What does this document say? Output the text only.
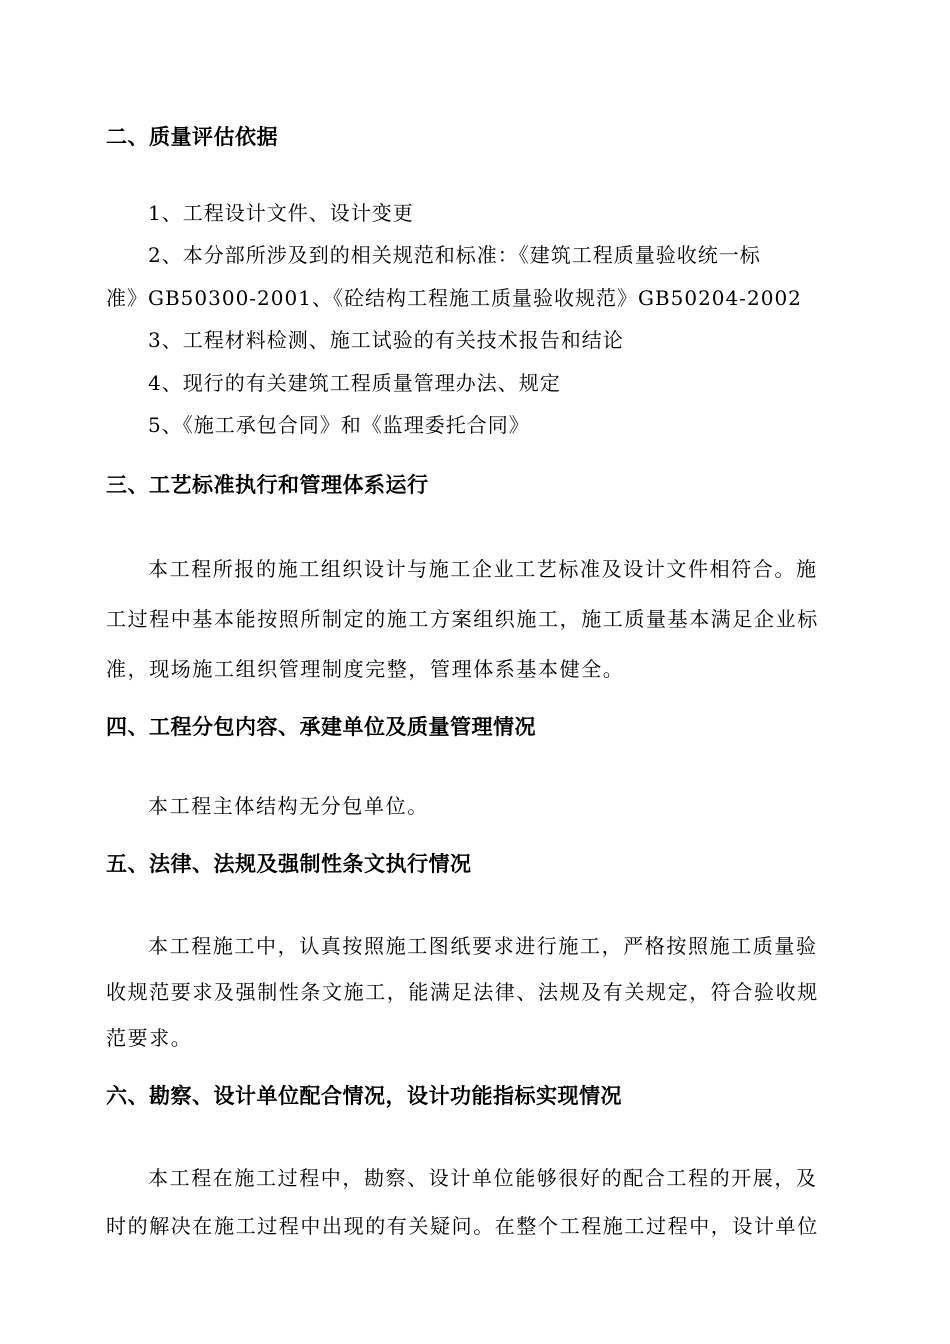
二、质量评估依据
1、工程设计文件、设计变更
2、本分部所涉及到的相关规范和标准：《建筑工程质量验收统一标
准》GB50300-2001、《砼结构工程施工质量验收规范》GB50204-2002
3、工程材料检测、施工试验的有关技术报告和结论
4、现行的有关建筑工程质量管理办法、规定
5、《施工承包合同》和《监理委托合同》
三、工艺标准执行和管理体系运行
本工程所报的施工组织设计与施工企业工艺标准及设计文件相符合。施
工过程中基本能按照所制定的施工方案组织施工，施工质量基本满足企业标
准，现场施工组织管理制度完整，管理体系基本健全。
四、工程分包内容、承建单位及质量管理情况
本工程主体结构无分包单位。
五、法律、法规及强制性条文执行情况
本工程施工中，认真按照施工图纸要求进行施工，严格按照施工质量验
收规范要求及强制性条文施工，能满足法律、法规及有关规定，符合验收规
范要求。
六、勘察、设计单位配合情况，设计功能指标实现情况
本工程在施工过程中，勘察、设计单位能够很好的配合工程的开展，及
时的解决在施工过程中出现的有关疑问。在整个工程施工过程中，设计单位
